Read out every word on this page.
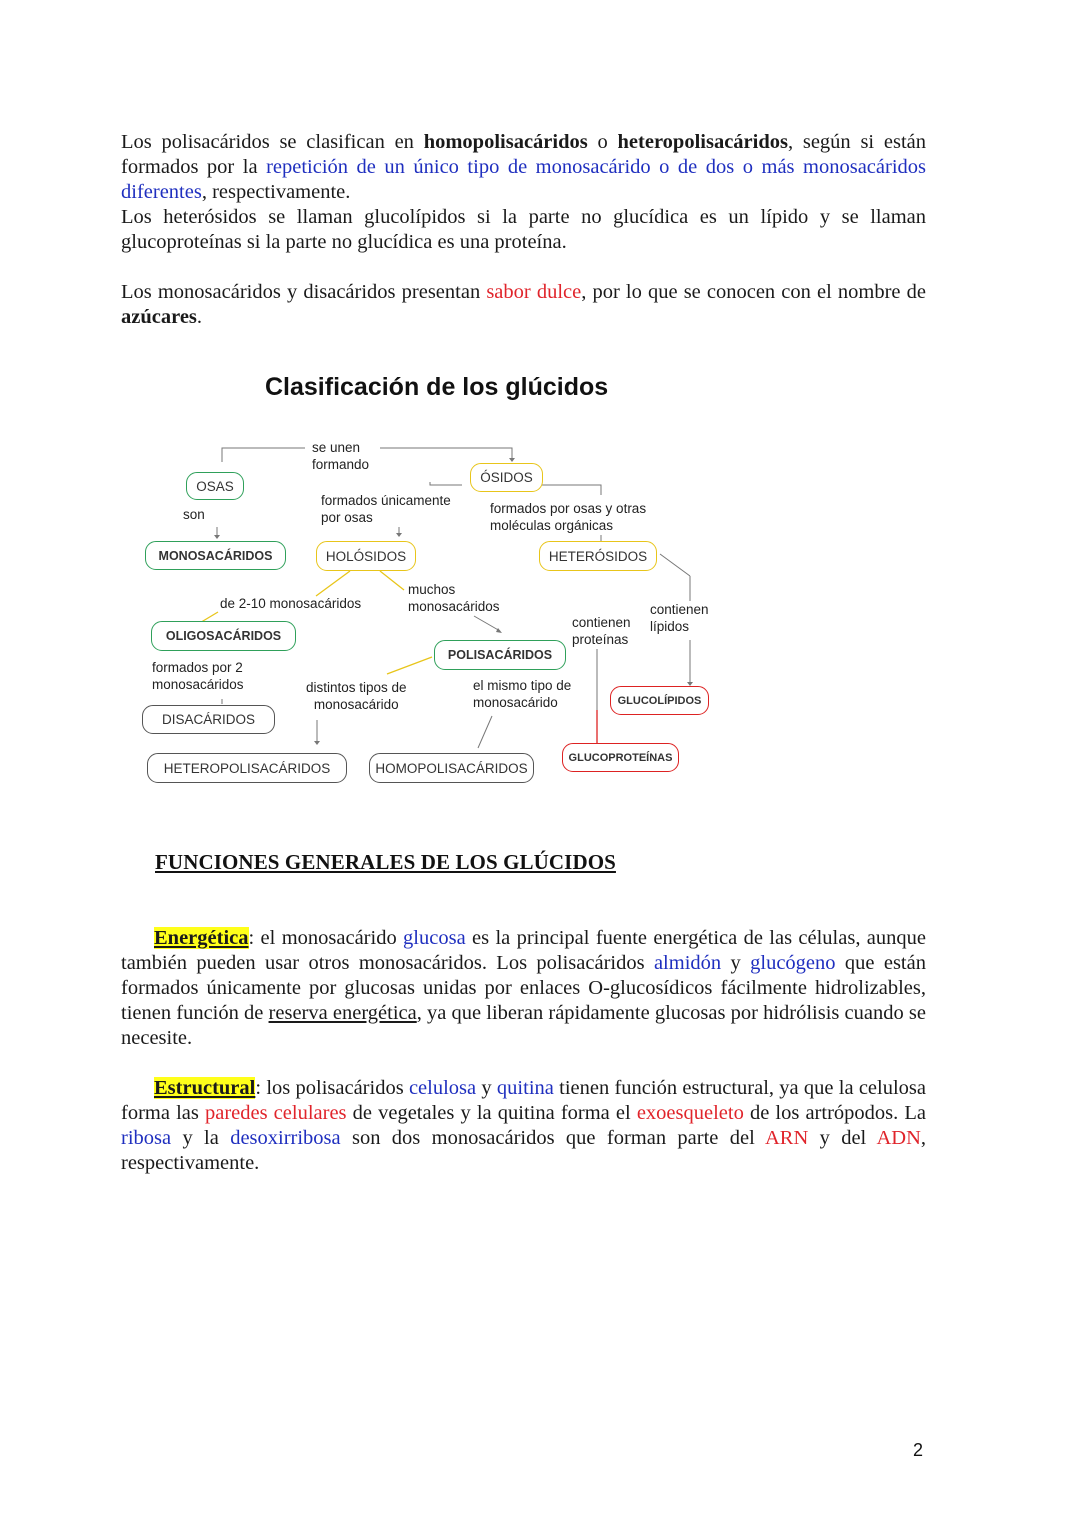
Los polisacáridos se clasifican en homopolisacáridos o heteropolisacáridos, según si están formados por la repetición de un único tipo de monosacárido o de dos o más monosacáridos diferentes, respectivamente.

Los heterósidos se llaman glucolípidos si la parte no glucídica es un lípido y se llaman glucoproteínas si la parte no glucídica es una proteína.

Los monosacáridos y disacáridos presentan sabor dulce, por lo que se conocen con el nombre de azúcares.

Clasificación de los glúcidos
OSAS
ÓSIDOS
MONOSACÁRIDOS	HOLÓSIDOS	HETERÓSIDOS
OLIGOSACÁRIDOS
POLISACÁRIDOS
DISACÁRIDOS
GLUCOLÍPIDOS
GLUCOPROTEÍNAS
HETEROPOLISACÁRIDOS	HOMOPOLISACÁRIDOS
se unen
formando
son
formados únicamente
por osas
formados por osas y otras
moléculas orgánicas
de 2-10 monosacáridos
muchos
monosacáridos
contienen
proteínas
contienen
lípidos
formados por 2
monosacáridos	distintos tipos de
monosacárido
el mismo tipo de
monosacárido
FUNCIONES GENERALES DE LOS GLÚCIDOS

Energética: el monosacárido glucosa es la principal fuente energética de las células, aunque también pueden usar otros monosacáridos. Los polisacáridos almidón y glucógeno que están formados únicamente por glucosas unidas por enlaces O-glucosídicos fácilmente hidrolizables, tienen función de reserva energética, ya que liberan rápidamente glucosas por hidrólisis cuando se necesite.

Estructural: los polisacáridos celulosa y quitina tienen función estructural, ya que la celulosa forma las paredes celulares de vegetales y la quitina forma el exoesqueleto de los artrópodos. La ribosa y la desoxirribosa son dos monosacáridos que forman parte del ARN y del ADN, respectivamente.

2
